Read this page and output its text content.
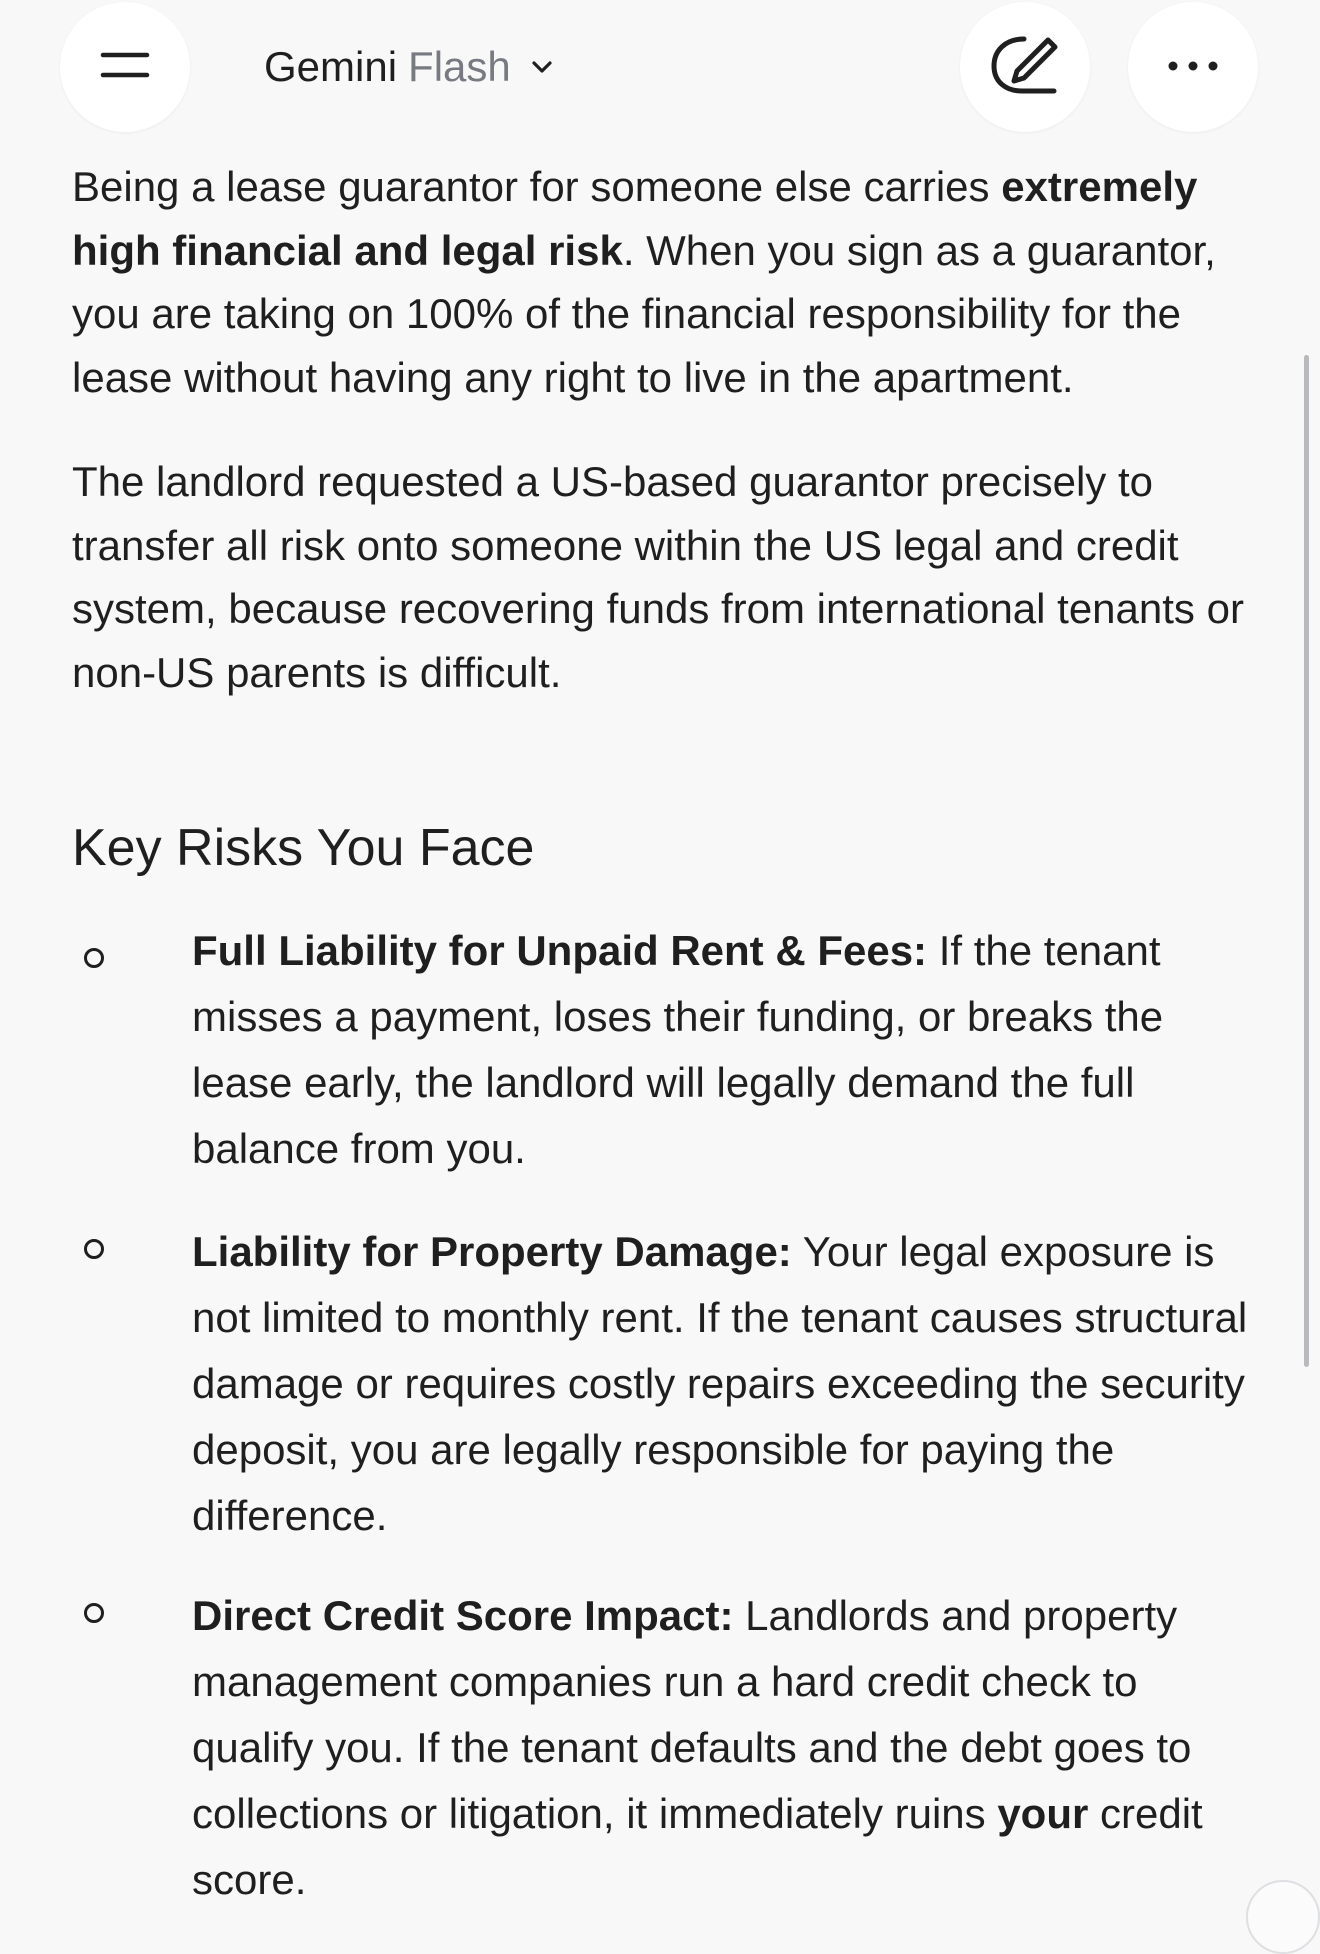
Gemini Flash

Being a lease guarantor for someone else carries extremely high financial and legal risk. When you sign as a guarantor, you are taking on 100% of the financial responsibility for the lease without having any right to live in the apartment.

The landlord requested a US-based guarantor precisely to transfer all risk onto someone within the US legal and credit system, because recovering funds from international tenants or non-US parents is difficult.

Key Risks You Face

Full Liability for Unpaid Rent & Fees: If the tenant misses a payment, loses their funding, or breaks the lease early, the landlord will legally demand the full balance from you.

Liability for Property Damage: Your legal exposure is not limited to monthly rent. If the tenant causes structural damage or requires costly repairs exceeding the security deposit, you are legally responsible for paying the difference.

Direct Credit Score Impact: Landlords and property management companies run a hard credit check to qualify you. If the tenant defaults and the debt goes to collections or litigation, it immediately ruins your credit score.
